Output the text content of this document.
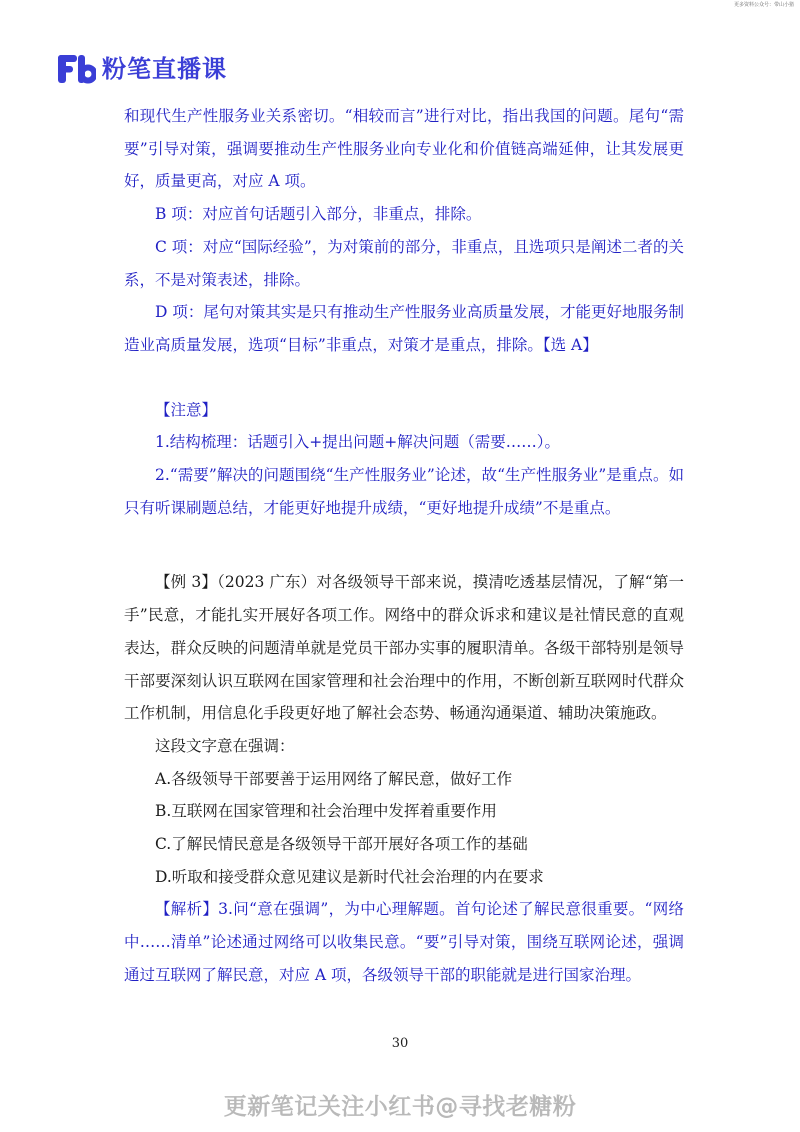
更多资料公众号：带山小猪
粉笔直播课

和现代生产性服务业关系密切。“相较而言”进行对比，指出我国的问题。尾句“需要”引导对策，强调要推动生产性服务业向专业化和价值链高端延伸，让其发展更好，质量更高，对应 A 项。

B 项：对应首句话题引入部分，非重点，排除。

C 项：对应“国际经验”，为对策前的部分，非重点，且选项只是阐述二者的关系，不是对策表述，排除。

D 项：尾句对策其实是只有推动生产性服务业高质量发展，才能更好地服务制造业高质量发展，选项“目标”非重点，对策才是重点，排除。【选 A】

【注意】

1.结构梳理：话题引入+提出问题+解决问题（需要……）。

2.“需要”解决的问题围绕“生产性服务业”论述，故“生产性服务业”是重点。如只有听课刷题总结，才能更好地提升成绩，“更好地提升成绩”不是重点。

【例 3】（2023 广东）对各级领导干部来说，摸清吃透基层情况，了解“第一手”民意，才能扎实开展好各项工作。网络中的群众诉求和建议是社情民意的直观表达，群众反映的问题清单就是党员干部办实事的履职清单。各级干部特别是领导干部要深刻认识互联网在国家管理和社会治理中的作用，不断创新互联网时代群众工作机制，用信息化手段更好地了解社会态势、畅通沟通渠道、辅助决策施政。

这段文字意在强调：

A.各级领导干部要善于运用网络了解民意，做好工作

B.互联网在国家管理和社会治理中发挥着重要作用

C.了解民情民意是各级领导干部开展好各项工作的基础

D.听取和接受群众意见建议是新时代社会治理的内在要求

【解析】3.问“意在强调”，为中心理解题。首句论述了解民意很重要。“网络中……清单”论述通过网络可以收集民意。“要”引导对策，围绕互联网论述，强调通过互联网了解民意，对应 A 项，各级领导干部的职能就是进行国家治理。

30
更新笔记关注小红书@寻找老糖粉
